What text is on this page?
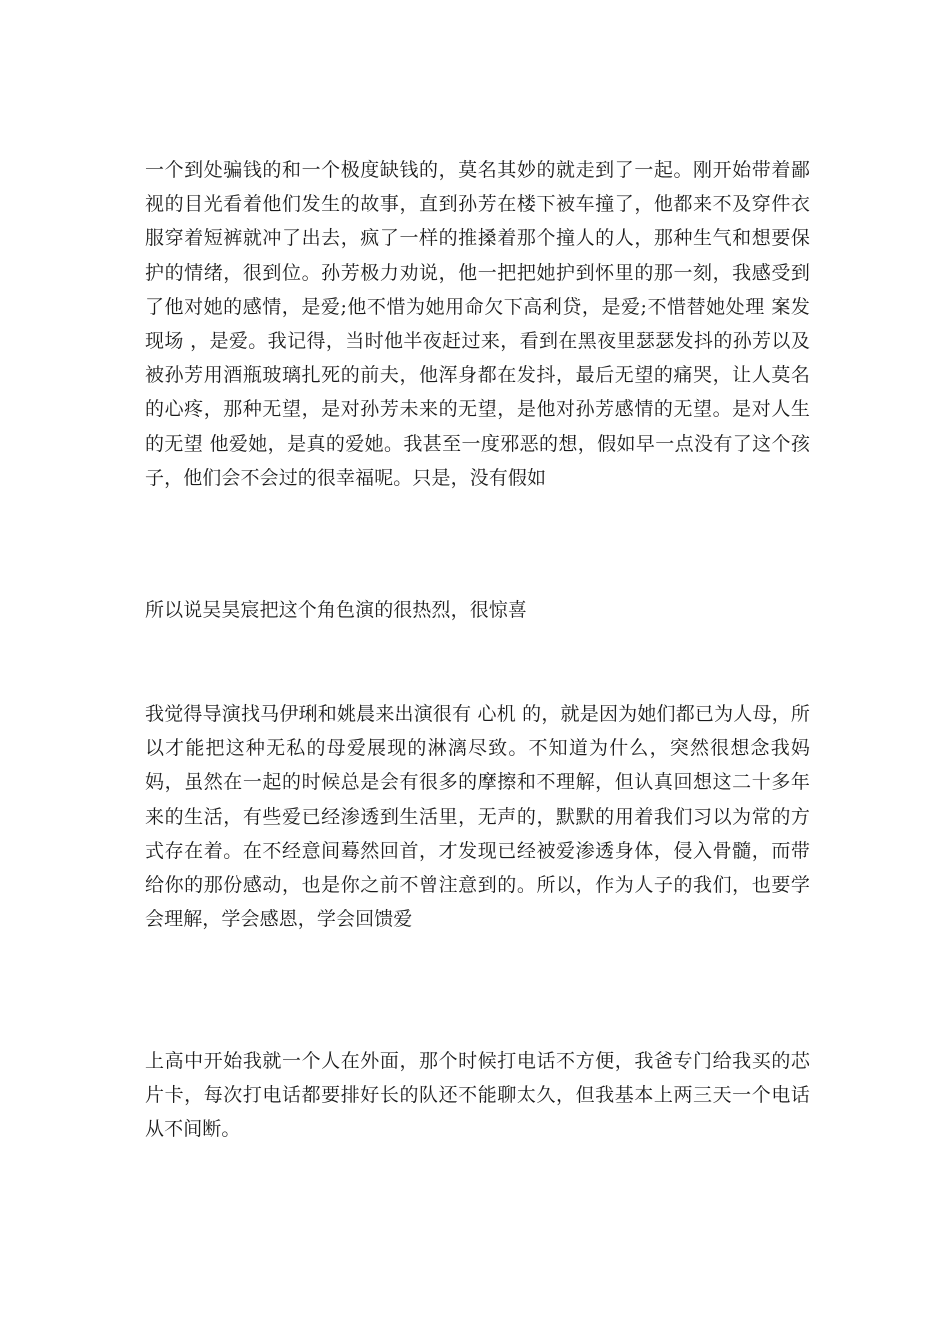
一个到处骗钱的和一个极度缺钱的，莫名其妙的就走到了一起。刚开始带着鄙视的目光看着他们发生的故事，直到孙芳在楼下被车撞了，他都来不及穿件衣服穿着短裤就冲了出去，疯了一样的推搡着那个撞人的人，那种生气和想要保护的情绪，很到位。孙芳极力劝说，他一把把她护到怀里的那一刻，我感受到了他对她的感情，是爱;他不惜为她用命欠下高利贷，是爱;不惜替她处理 案发现场 ，是爱。我记得，当时他半夜赶过来，看到在黑夜里瑟瑟发抖的孙芳以及被孙芳用酒瓶玻璃扎死的前夫，他浑身都在发抖，最后无望的痛哭，让人莫名的心疼，那种无望，是对孙芳未来的无望，是他对孙芳感情的无望。是对人生的无望 他爱她，是真的爱她。我甚至一度邪恶的想，假如早一点没有了这个孩子，他们会不会过的很幸福呢。只是，没有假如

所以说吴昊宸把这个角色演的很热烈，很惊喜

我觉得导演找马伊琍和姚晨来出演很有 心机 的，就是因为她们都已为人母，所以才能把这种无私的母爱展现的淋漓尽致。不知道为什么，突然很想念我妈妈，虽然在一起的时候总是会有很多的摩擦和不理解，但认真回想这二十多年来的生活，有些爱已经渗透到生活里，无声的，默默的用着我们习以为常的方式存在着。在不经意间蓦然回首，才发现已经被爱渗透身体，侵入骨髓，而带给你的那份感动，也是你之前不曾注意到的。所以，作为人子的我们，也要学会理解，学会感恩，学会回馈爱

上高中开始我就一个人在外面，那个时候打电话不方便，我爸专门给我买的芯片卡，每次打电话都要排好长的队还不能聊太久，但我基本上两三天一个电话从不间断。
